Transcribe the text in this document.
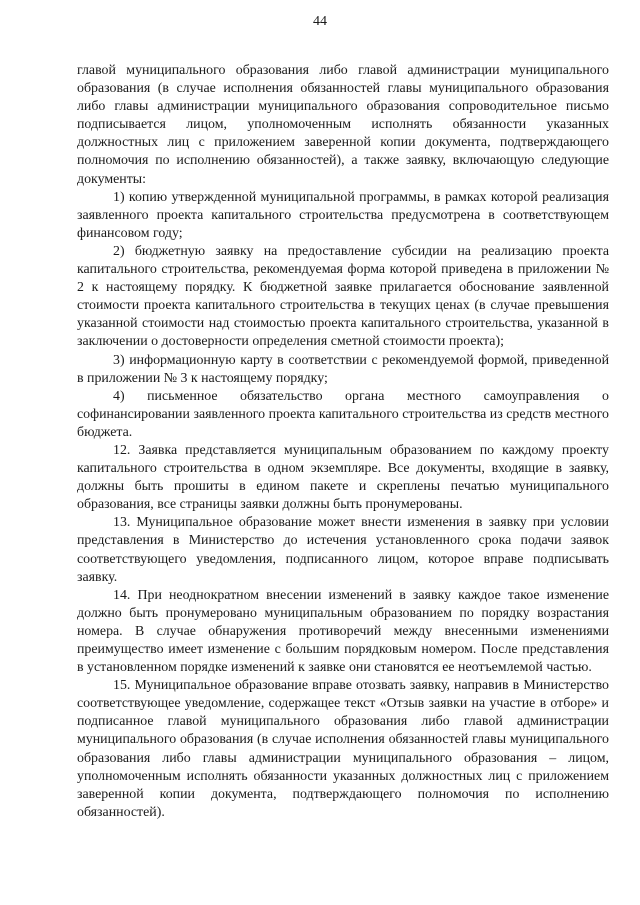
44

главой муниципального образования либо главой администрации муниципального образования (в случае исполнения обязанностей главы муниципального образования либо главы администрации муниципального образования сопроводительное письмо подписывается лицом, уполномоченным исполнять обязанности указанных должностных лиц с приложением заверенной копии документа, подтверждающего полномочия по исполнению обязанностей), а также заявку, включающую следующие документы:

1) копию утвержденной муниципальной программы, в рамках которой реализация заявленного проекта капитального строительства предусмотрена в соответствующем финансовом году;

2) бюджетную заявку на предоставление субсидии на реализацию проекта капитального строительства, рекомендуемая форма которой приведена в приложении № 2 к настоящему порядку. К бюджетной заявке прилагается обоснование заявленной стоимости проекта капитального строительства в текущих ценах (в случае превышения указанной стоимости над стоимостью проекта капитального строительства, указанной в заключении о достоверности определения сметной стоимости проекта);

3) информационную карту в соответствии с рекомендуемой формой, приведенной в приложении № 3 к настоящему порядку;

4) письменное обязательство органа местного самоуправления о софинансировании заявленного проекта капитального строительства из средств местного бюджета.

12. Заявка представляется муниципальным образованием по каждому проекту капитального строительства в одном экземпляре. Все документы, входящие в заявку, должны быть прошиты в едином пакете и скреплены печатью муниципального образования, все страницы заявки должны быть пронумерованы.

13. Муниципальное образование может внести изменения в заявку при условии представления в Министерство до истечения установленного срока подачи заявок соответствующего уведомления, подписанного лицом, которое вправе подписывать заявку.

14. При неоднократном внесении изменений в заявку каждое такое изменение должно быть пронумеровано муниципальным образованием по порядку возрастания номера. В случае обнаружения противоречий между внесенными изменениями преимущество имеет изменение с большим порядковым номером. После представления в установленном порядке изменений к заявке они становятся ее неотъемлемой частью.

15. Муниципальное образование вправе отозвать заявку, направив в Министерство соответствующее уведомление, содержащее текст «Отзыв заявки на участие в отборе» и подписанное главой муниципального образования либо главой администрации муниципального образования (в случае исполнения обязанностей главы муниципального образования либо главы администрации муниципального образования – лицом, уполномоченным исполнять обязанности указанных должностных лиц с приложением заверенной копии документа, подтверждающего полномочия по исполнению обязанностей).
